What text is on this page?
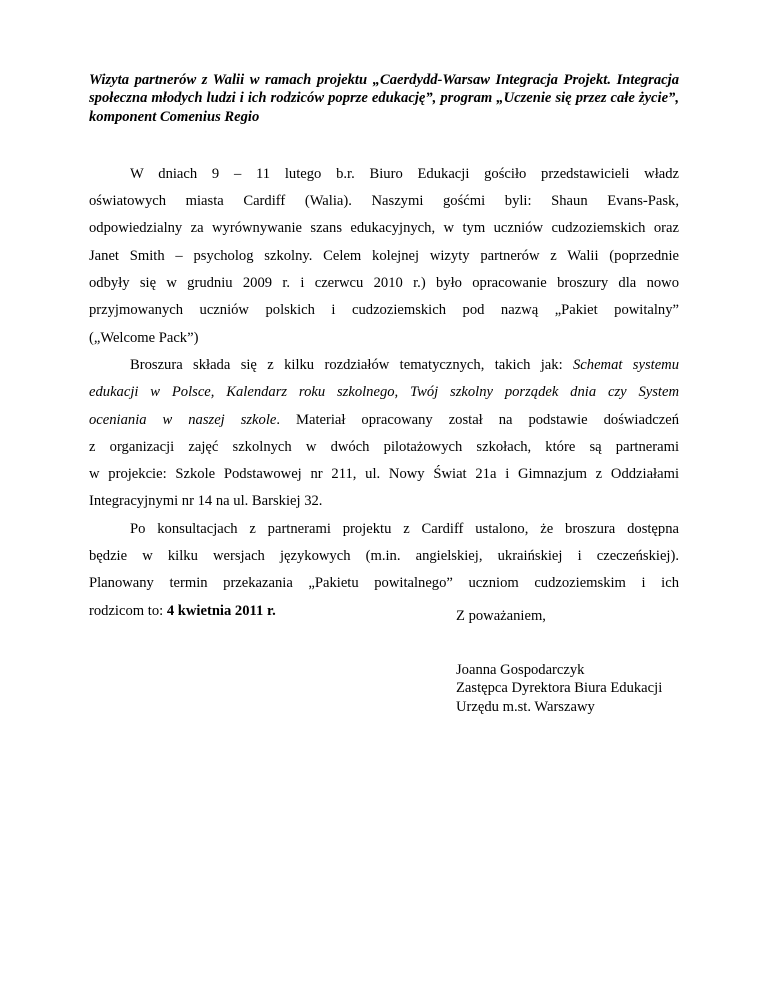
Wizyta partnerów z Walii w ramach projektu „Caerdydd-Warsaw Integracja Projekt. Integracja społeczna młodych ludzi i ich rodziców poprze edukację”, program „Uczenie się przez całe życie”, komponent Comenius Regio

W dniach 9 – 11 lutego b.r. Biuro Edukacji gościło przedstawicieli władz
oświatowych miasta Cardiff (Walia). Naszymi gośćmi byli: Shaun Evans-Pask,
odpowiedzialny za wyrównywanie szans edukacyjnych, w tym uczniów cudzoziemskich oraz
Janet Smith – psycholog szkolny. Celem kolejnej wizyty partnerów z Walii (poprzednie
odbyły się w grudniu 2009 r. i czerwcu 2010 r.) było opracowanie broszury dla nowo
przyjmowanych uczniów polskich i cudzoziemskich pod nazwą „Pakiet powitalny”
(„Welcome Pack”)

Broszura składa się z kilku rozdziałów tematycznych, takich jak: Schemat systemu
edukacji w Polsce, Kalendarz roku szkolnego, Twój szkolny porządek dnia czy System
oceniania w naszej szkole. Materiał opracowany został na podstawie doświadczeń
z organizacji zajęć szkolnych w dwóch pilotażowych szkołach, które są partnerami
w projekcie: Szkole Podstawowej nr 211, ul. Nowy Świat 21a i Gimnazjum z Oddziałami
Integracyjnymi nr 14 na ul. Barskiej 32.

Po konsultacjach z partnerami projektu z Cardiff ustalono, że broszura dostępna
będzie w kilku wersjach językowych (m.in. angielskiej, ukraińskiej i czeczeńskiej).
Planowany termin przekazania „Pakietu powitalnego” uczniom cudzoziemskim i ich
rodzicom to: 4 kwietnia 2011 r.	Z poważaniem,
Joanna Gospodarczyk
Zastępca Dyrektora Biura Edukacji
Urzędu m.st. Warszawy
